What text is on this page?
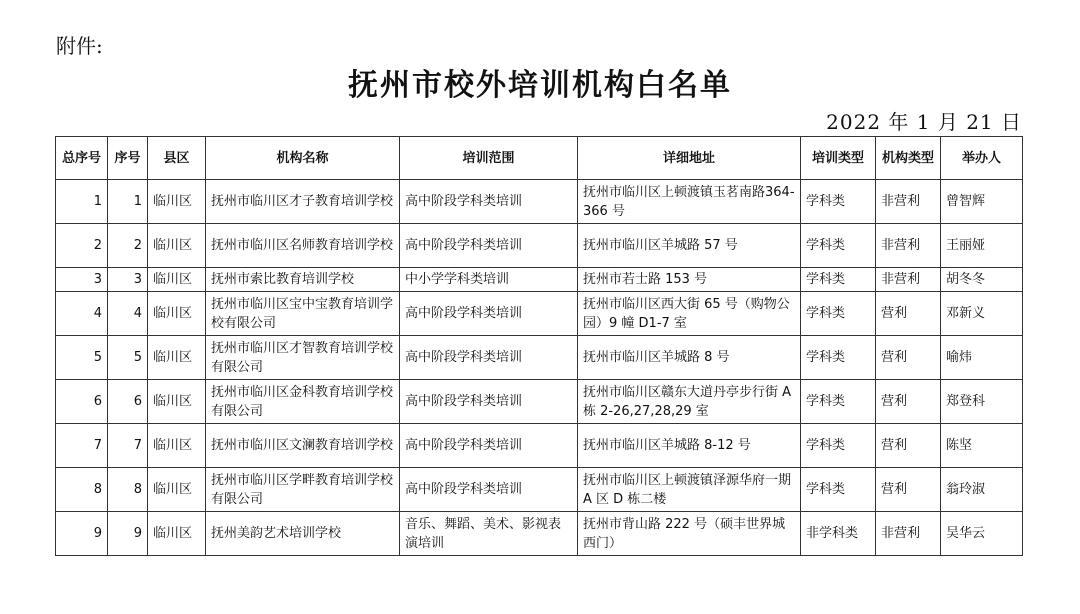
附件:
抚州市校外培训机构白名单
2022 年 1 月 21 日
总序号	序号	县区	机构名称	培训范围	详细地址	培训类型	机构类型	举办人
1	1	临川区	抚州市临川区才子教育培训学校	高中阶段学科类培训	抚州市临川区上顿渡镇玉茗南路364-366 号	学科类	非营利	曾智辉
2	2	临川区	抚州市临川区名师教育培训学校	高中阶段学科类培训	抚州市临川区羊城路 57 号	学科类	非营利	王丽娅
3	3	临川区	抚州市索比教育培训学校	中小学学科类培训	抚州市若士路 153 号	学科类	非营利	胡冬冬
4	4	临川区	抚州市临川区宝中宝教育培训学校有限公司	高中阶段学科类培训	抚州市临川区西大街 65 号（购物公园）9 幢 D1-7 室	学科类	营利	邓新义
5	5	临川区	抚州市临川区才智教育培训学校有限公司	高中阶段学科类培训	抚州市临川区羊城路 8 号	学科类	营利	喻炜
6	6	临川区	抚州市临川区金科教育培训学校有限公司	高中阶段学科类培训	抚州市临川区赣东大道丹亭步行街 A 栋 2-26,27,28,29 室	学科类	营利	郑登科
7	7	临川区	抚州市临川区文澜教育培训学校	高中阶段学科类培训	抚州市临川区羊城路 8-12 号	学科类	营利	陈坚
8	8	临川区	抚州市临川区学畔教育培训学校有限公司	高中阶段学科类培训	抚州市临川区上顿渡镇泽源华府一期 A 区 D 栋二楼	学科类	营利	翁玲淑
9	9	临川区	抚州美韵艺术培训学校	音乐、舞蹈、美术、影视表演培训	抚州市背山路 222 号（硕丰世界城西门）	非学科类	非营利	吴华云
